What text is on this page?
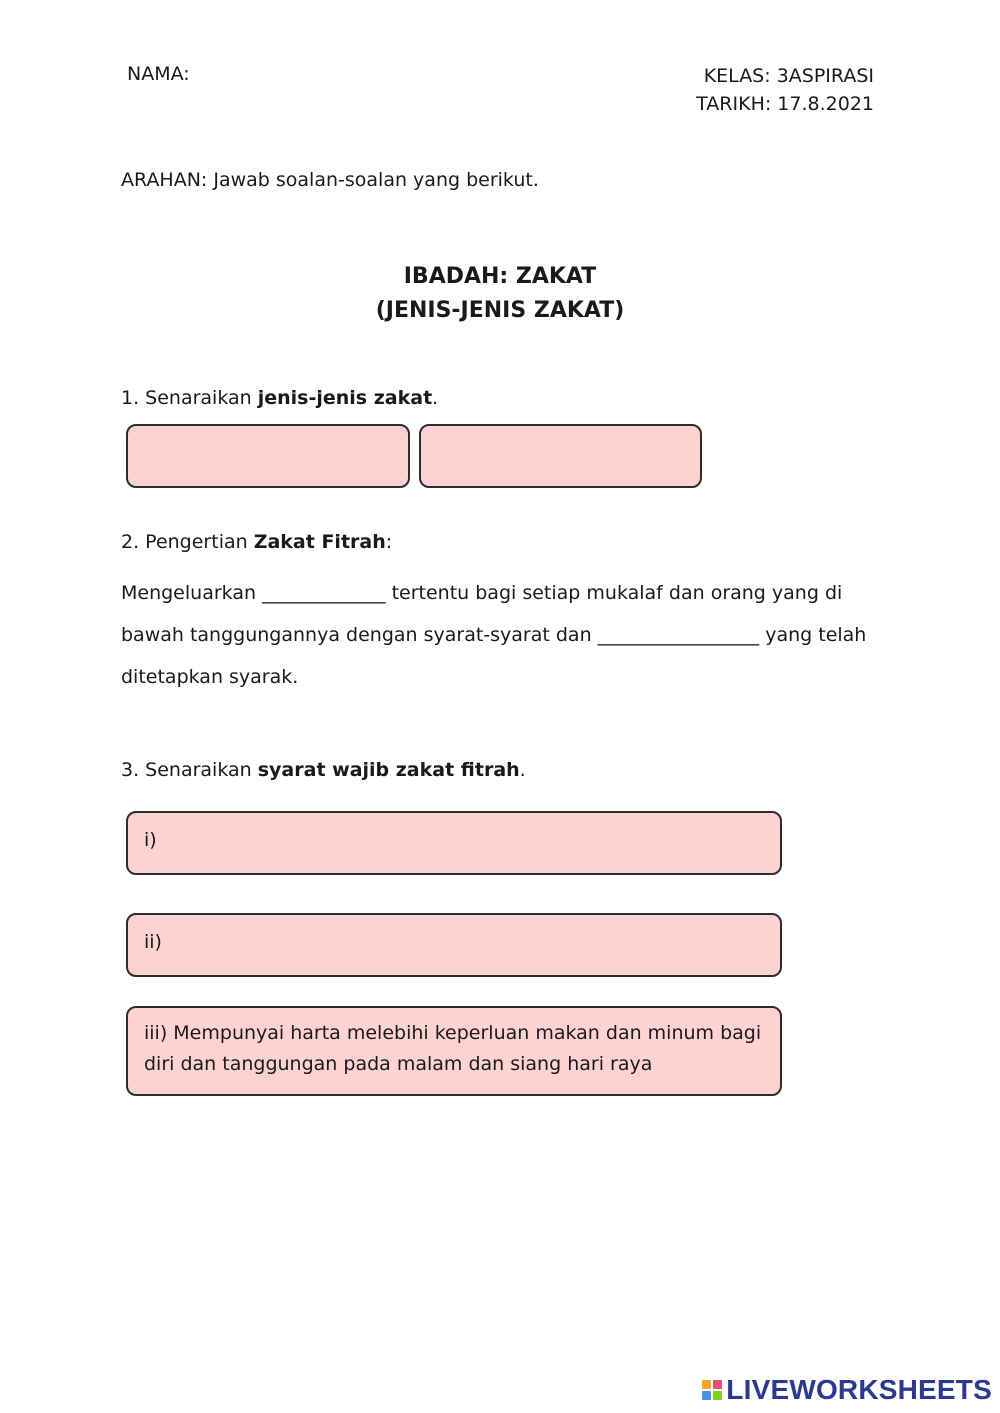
NAMA:	KELAS: 3ASPIRASI
TARIKH: 17.8.2021
ARAHAN: Jawab soalan-soalan yang berikut.
IBADAH: ZAKAT
(JENIS-JENIS ZAKAT)
1. Senaraikan jenis-jenis zakat.
2. Pengertian Zakat Fitrah:
Mengeluarkan _____________ tertentu bagi setiap mukalaf dan orang yang di
bawah tanggungannya dengan syarat-syarat dan _________________ yang telah
ditetapkan syarak.
3. Senaraikan syarat wajib zakat fitrah.
i)
ii)
iii) Mempunyai harta melebihi keperluan makan dan minum bagi
diri dan tanggungan pada malam dan siang hari raya
LIVEWORKSHEETS
